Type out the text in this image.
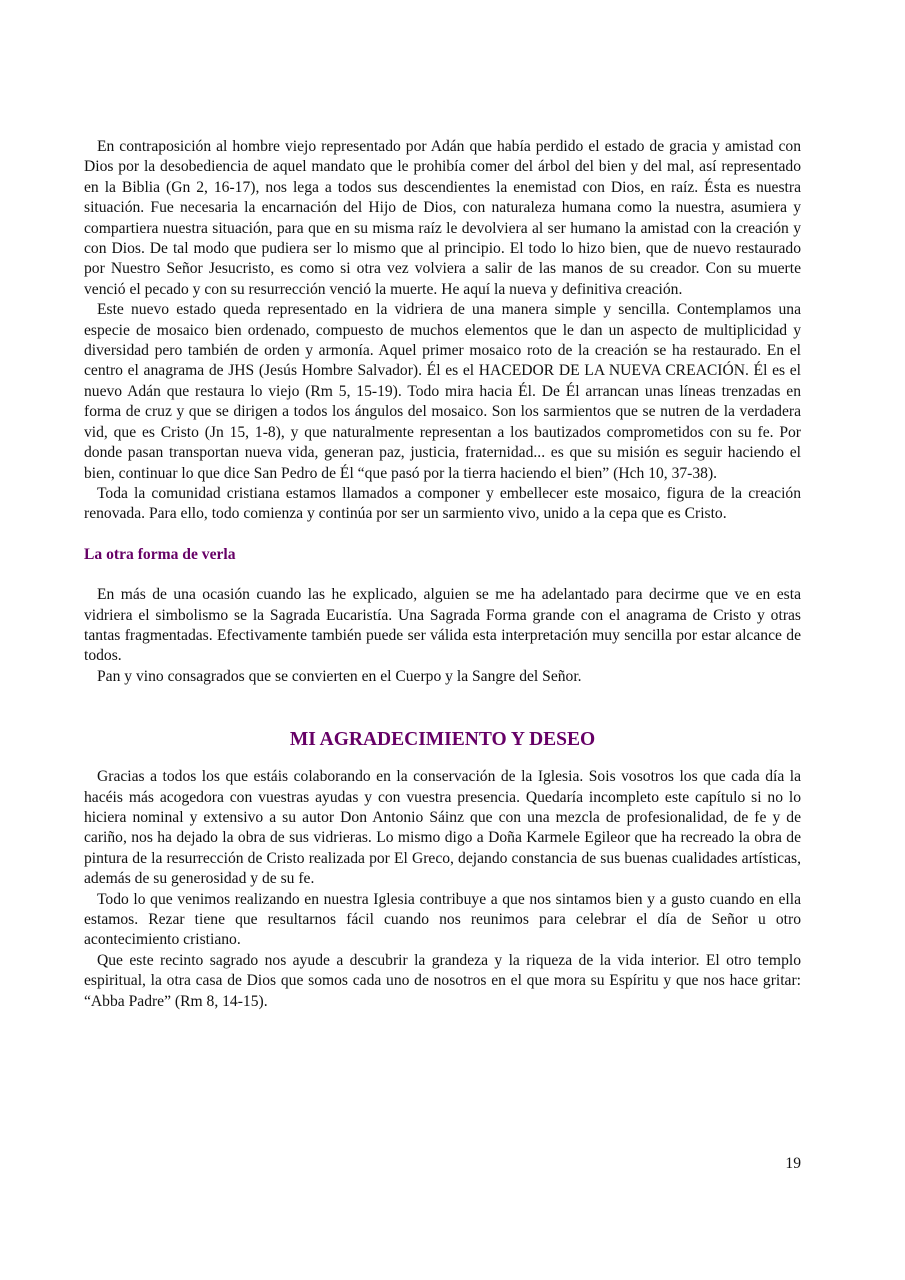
En contraposición al hombre viejo representado por Adán que había perdido el estado de gracia y amistad con Dios por la desobediencia de aquel mandato que le prohibía comer del árbol del bien y del mal, así representado en la Biblia (Gn 2, 16-17), nos lega a todos sus descendientes la enemistad con Dios, en raíz. Ésta es nuestra situación. Fue necesaria la encarnación del Hijo de Dios, con naturaleza humana como la nuestra, asumiera y compartiera nuestra situación, para que en su misma raíz le devolviera al ser humano la amistad con la creación y con Dios. De tal modo que pudiera ser lo mismo que al principio. El todo lo hizo bien, que de nuevo restaurado por Nuestro Señor Jesucristo, es como si otra vez volviera a salir de las manos de su creador. Con su muerte venció el pecado y con su resurrección venció la muerte. He aquí la nueva y definitiva creación.

Este nuevo estado queda representado en la vidriera de una manera simple y sencilla. Contemplamos una especie de mosaico bien ordenado, compuesto de muchos elementos que le dan un aspecto de multiplicidad y diversidad pero también de orden y armonía. Aquel primer mosaico roto de la creación se ha restaurado. En el centro el anagrama de JHS (Jesús Hombre Salvador). Él es el HACEDOR DE LA NUEVA CREACIÓN. Él es el nuevo Adán que restaura lo viejo (Rm 5, 15-19). Todo mira hacia Él. De Él arrancan unas líneas trenzadas en forma de cruz y que se dirigen a todos los ángulos del mosaico. Son los sarmientos que se nutren de la verdadera vid, que es Cristo (Jn 15, 1-8), y que naturalmente representan a los bautizados comprometidos con su fe. Por donde pasan transportan nueva vida, generan paz, justicia, fraternidad... es que su misión es seguir haciendo el bien, continuar lo que dice San Pedro de Él “que pasó por la tierra haciendo el bien” (Hch 10, 37-38).

Toda la comunidad cristiana estamos llamados a componer y embellecer este mosaico, figura de la creación renovada. Para ello, todo comienza y continúa por ser un sarmiento vivo, unido a la cepa que es Cristo.

La otra forma de verla

En más de una ocasión cuando las he explicado, alguien se me ha adelantado para decirme que ve en esta vidriera el simbolismo se la Sagrada Eucaristía. Una Sagrada Forma grande con el anagrama de Cristo y otras tantas fragmentadas. Efectivamente también puede ser válida esta interpretación muy sencilla por estar alcance de todos.

Pan y vino consagrados que se convierten en el Cuerpo y la Sangre del Señor.

MI AGRADECIMIENTO Y DESEO

Gracias a todos los que estáis colaborando en la conservación de la Iglesia. Sois vosotros los que cada día la hacéis más acogedora con vuestras ayudas y con vuestra presencia. Quedaría incompleto este capítulo si no lo hiciera nominal y extensivo a su autor Don Antonio Sáinz que con una mezcla de profesionalidad, de fe y de cariño, nos ha dejado la obra de sus vidrieras. Lo mismo digo a Doña Karmele Egileor que ha recreado la obra de pintura de la resurrección de Cristo realizada por El Greco, dejando constancia de sus buenas cualidades artísticas, además de su generosidad y de su fe.

Todo lo que venimos realizando en nuestra Iglesia contribuye a que nos sintamos bien y a gusto cuando en ella estamos. Rezar tiene que resultarnos fácil cuando nos reunimos para celebrar el día de Señor u otro acontecimiento cristiano.

Que este recinto sagrado nos ayude a descubrir la grandeza y la riqueza de la vida interior. El otro templo espiritual, la otra casa de Dios que somos cada uno de nosotros en el que mora su Espíritu y que nos hace gritar: “Abba Padre” (Rm 8, 14-15).

19
